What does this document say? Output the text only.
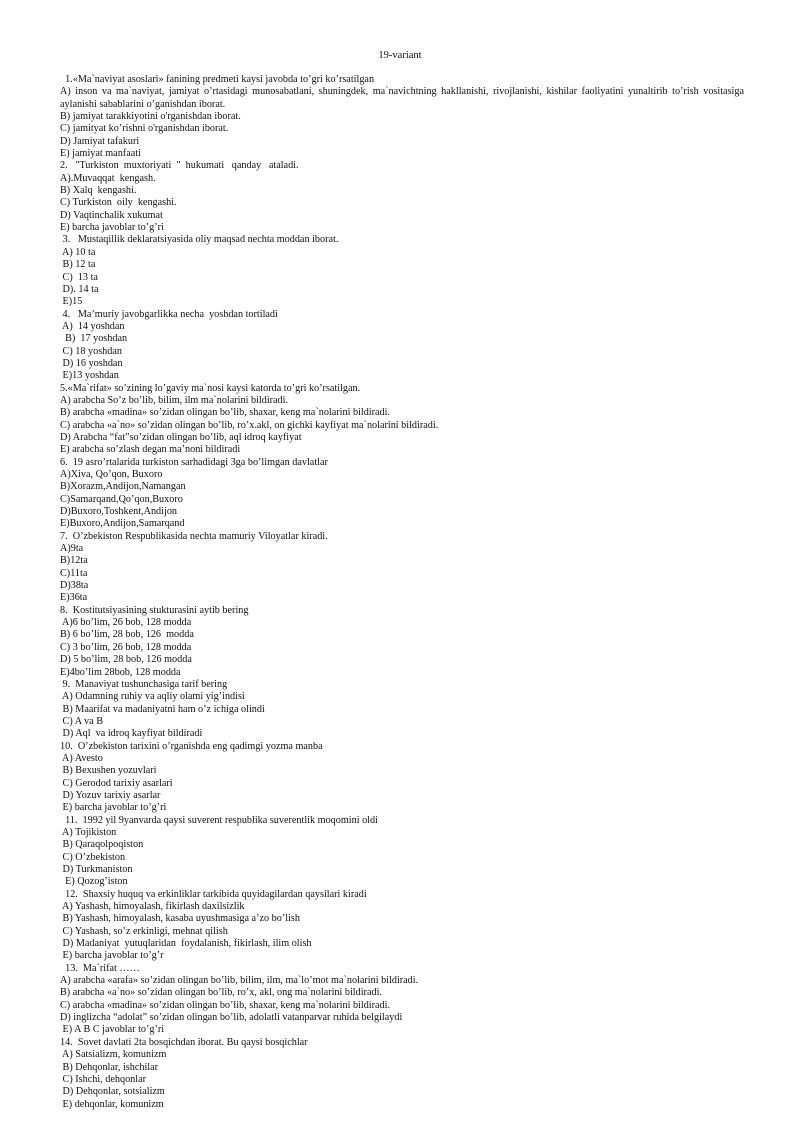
19-variant
1.«Ma`naviyat asoslari» fanining predmeti kaysi javobda to’gri ko’rsatilgan
A) inson va ma`naviyat, jamiyat o’rtasidagi munosabatlani, shuningdek, ma`navichtning hakllanishi, rivojlanishi, kishilar faoliyatini yunaltirib to’rish vositasiga aylanishi sabablarini o’ganishdan iborat.
B) jamiyat tarakkiyotini o'rganishdan iborat.
C) jamityat ko’rishni o'rganishdan iborat.
D) Jamiyat tafakuri
E) jamiyat manfaati
2.   "Turkiston  muxtoriyati  "  hukumati   qanday   ataladi.
A).Muvaqqat  kengash.
B) Xalq  kengashi.
C) Turkiston  oily  kengashi.
D) Vaqtinchalik xukumat
E) barcha javoblar to’g’ri
3.   Mustaqillik deklaratsiyasida oliy maqsad nechta moddan iborat.
A) 10 ta
B) 12 ta
C)  13 ta
D). 14 ta
E)15
4.   Ma’muriy javobgarlikka necha  yoshdan tortiladi
A)  14 yoshdan
B)  17 yoshdan
C) 18 yoshdan
D) 16 yoshdan
E)13 yoshdan
5.«Ma`rifat» so’zining lo’gaviy ma`nosi kaysi katorda to’gri ko’rsatilgan.
A) arabcha So’z bo’lib, bilim, ilm ma`nolarini bildiradi.
B) arabcha «madina» so’zidan olingan bo’lib, shaxar, keng ma`nolarini bildiradi.
C) arabcha «a`no» so’zidan olingan bo’lib, ro’x.akl, on gichki kayfiyat ma`nolarini bildiradi.
D) Arabcha “fat”so’zidan olingan bo’lib, aql idroq kayfiyat
E) arabcha so’zlash degan ma’noni bildiradi
6.  19 asro’rtalarida turkiston sarhadidagi 3ga bo’limgan davlatlar
A)Xiva, Qo’qon, Buxoro
B)Xorazm,Andijon,Namangan
C)Samarqand,Qo’qon,Buxoro
D)Buxoro,Toshkent,Andijon
E)Buxoro,Andijon,Samarqand
7.  O’zbekiston Respublikasida nechta mamuriy Viloyatlar kiradi.
A)9ta
B)12ta
C)11ta
D)38ta
E)36ta
8.  Kostitutsiyasining stukturasini aytib bering
A)6 bo’lim, 26 bob, 128 modda
B) 6 bo’lim, 28 bob, 126  modda
C) 3 bo’lim, 26 bob, 128 modda
D) 5 bo’lim, 28 bob, 126 modda
E)4bo’lim 28bob, 128 modda
9.  Manaviyat tushunchasiga tarif bering
A) Odamning ruhiy va aqliy olami yig’indisi
B) Maarifat va madaniyatni ham o’z ichiga olindi
C) A va B
D) Aql  va idroq kayfiyat bildiradi
10.  O’zbekiston tarixini o’rganishda eng qadimgi yozma manba
A) Avesto
B) Bexushen yozuvlari
C) Gerodod tarixiy asarlari
D) Yozuv tarixiy asarlar
E) barcha javoblar to’g’ri
11.  1992 yil 9yanvarda qaysi suverent respublika suverentlik moqomini oldi
A) Tojikiston
B) Qaraqolpoqiston
C) O’zbekiston
D) Turkmaniston
E) Qozog’iston
12.  Shaxsiy huquq va erkinliklar tarkibida quyidagilardan qaysilari kiradi
A) Yashash, himoyalash, fikirlash daxilsizlik
B) Yashash, himoyalash, kasaba uyushmasiga a’zo bo’lish
C) Yashash, so’z erkinligi, mehnat qilish
D) Madaniyat  yutuqlaridan  foydalanish, fikirlash, ilim olish
E) barcha javoblar to’g’r
13.  Ma`rifat ……
A) arabcha «arafa» so’zidan olingan bo’lib, bilim, ilm, ma`lo’mot ma`nolarini bildiradi.
B) arabcha «a`no» so’zidan olingan bo’lib, ro’x, akl, ong ma`nolarini bildiradi.
C) arabcha «madina» so’zidan olingan bo’lib, shaxar, keng ma`nolarini bildiradi.
D) inglizcha “adolat” so’zidan olingan bo’lib, adolatli vatanparvar ruhida belgilaydi
E) A B C javoblar to’g’ri
14.  Sovet davlati 2ta bosqichdan iborat. Bu qaysi bosqichlar
A) Satsializm, komunizm
B) Dehqonlar, ishchilar
C) Ishchi, dehqonlar
D) Dehqonlar, sotsializm
E) dehqonlar, komunizm
